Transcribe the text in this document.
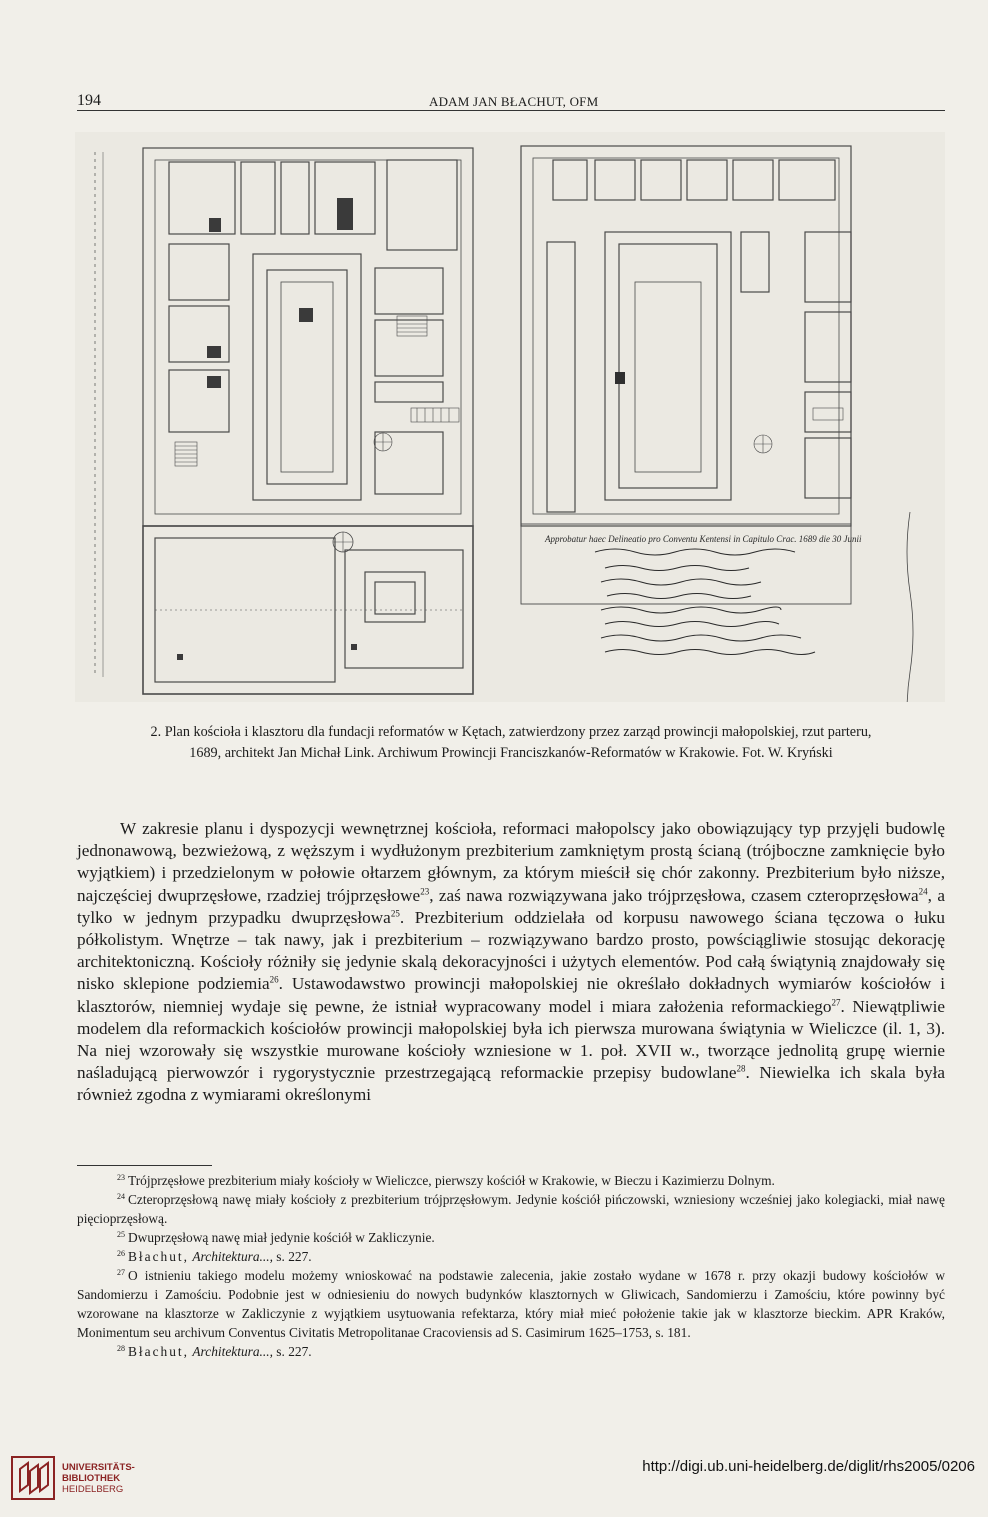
194	ADAM JAN BŁACHUT, OFM
Approbatur haec Delineatio pro Conventu Kentensi in Capitulo Crac. 1689 die 30 Junii
2. Plan kościoła i klasztoru dla fundacji reformatów w Kętach, zatwierdzony przez zarząd prowincji małopolskiej, rzut parteru,
1689, architekt Jan Michał Link. Archiwum Prowincji Franciszkanów-Reformatów w Krakowie. Fot. W. Kryński

W zakresie planu i dyspozycji wewnętrznej kościoła, reformaci małopolscy jako obowiązujący typ przyjęli budowlę jednonawową, bezwieżową, z węższym i wydłużonym prezbiterium zamkniętym prostą ścianą (trójboczne zamknięcie było wyjątkiem) i przedzielonym w połowie ołtarzem głównym, za którym mieścił się chór zakonny. Prezbiterium było niższe, najczęściej dwuprzęsłowe, rzadziej trójprzęsłowe$^{23}$, zaś nawa rozwiązywana jako trójprzęsłowa, czasem czteroprzęsłowa$^{24}$, a tylko w jednym przypadku dwuprzęsłowa$^{25}$. Prezbiterium oddzielała od korpusu nawowego ściana tęczowa o łuku półkolistym. Wnętrze – tak nawy, jak i prezbiterium – rozwiązywano bardzo prosto, powściągliwie stosując dekorację architektoniczną. Kościoły różniły się jedynie skalą dekoracyjności i użytych elementów. Pod całą świątynią znajdowały się nisko sklepione podziemia$^{26}$. Ustawodawstwo prowincji małopolskiej nie określało dokładnych wymiarów kościołów i klasztorów, niemniej wydaje się pewne, że istniał wypracowany model i miara założenia reformackiego$^{27}$. Niewątpliwie modelem dla reformackich kościołów prowincji małopolskiej była ich pierwsza murowana świątynia w Wieliczce (il. 1, 3). Na niej wzorowały się wszystkie murowane kościoły wzniesione w 1. poł. XVII w., tworzące jednolitą grupę wiernie naśladującą pierwowzór i rygorystycznie przestrzegającą reformackie przepisy budowlane$^{28}$. Niewielka ich skala była również zgodna z wymiarami określonymi

$^{23}$ Trójprzęsłowe prezbiterium miały kościoły w Wieliczce, pierwszy kościół w Krakowie, w Bieczu i Kazimierzu Dolnym.

$^{24}$ Czteroprzęsłową nawę miały kościoły z prezbiterium trójprzęsłowym. Jedynie kościół pińczowski, wzniesiony wcześniej jako kolegiacki, miał nawę pięcioprzęsłową.

$^{25}$ Dwuprzęsłową nawę miał jedynie kościół w Zakliczynie.

$^{26}$ Błachut, Architektura..., s. 227.

$^{27}$ O istnieniu takiego modelu możemy wnioskować na podstawie zalecenia, jakie zostało wydane w 1678 r. przy okazji budowy kościołów w Sandomierzu i Zamościu. Podobnie jest w odniesieniu do nowych budynków klasztornych w Gliwicach, Sandomierzu i Zamościu, które powinny być wzorowane na klasztorze w Zakliczynie z wyjątkiem usytuowania refektarza, który miał mieć położenie takie jak w klasztorze bieckim. APR Kraków, Monimentum seu archivum Conventus Civitatis Metropolitanae Cracoviensis ad S. Casimirum 1625–1753, s. 181.

$^{28}$ Błachut, Architektura..., s. 227.

UNIVERSITÄTS-
BIBLIOTHEK
HEIDELBERG
http://digi.ub.uni-heidelberg.de/diglit/rhs2005/0206
